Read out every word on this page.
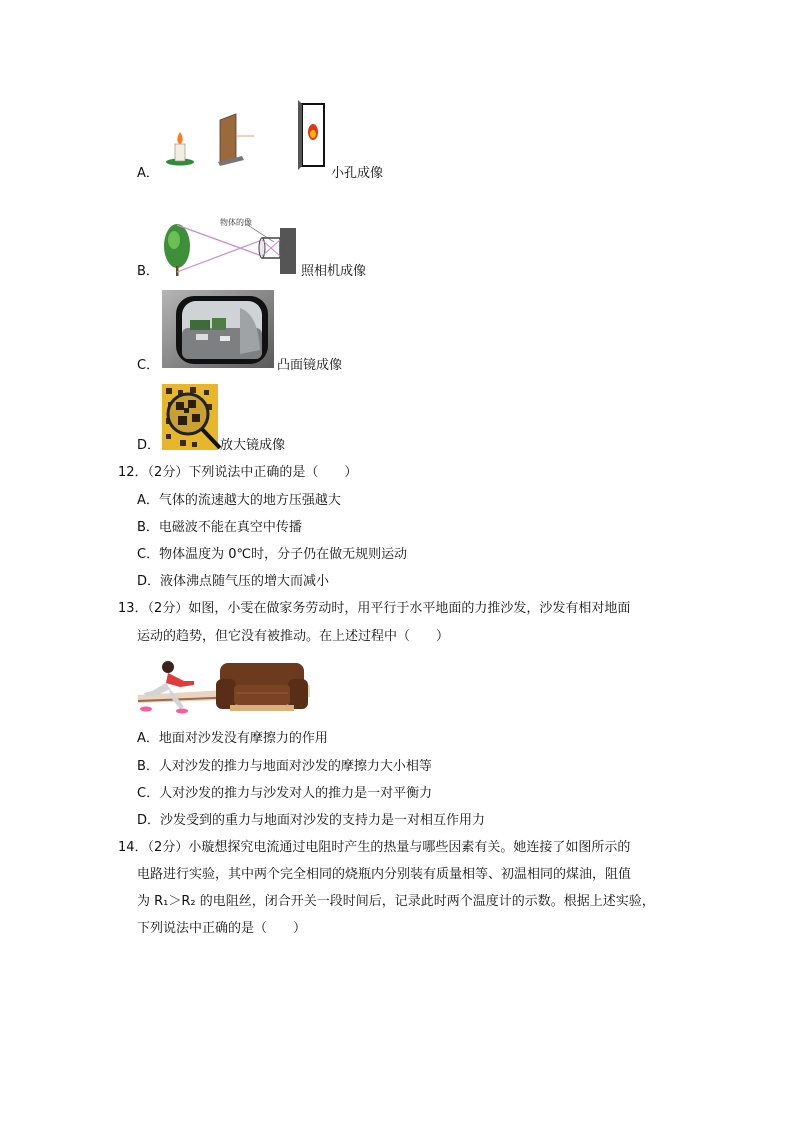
A．	小孔成像
B．
物体的像
照相机成像
C．	凸面镜成像
D．	放大镜成像
12．（2分）下列说法中正确的是（　　）
A．气体的流速越大的地方压强越大
B．电磁波不能在真空中传播
C．物体温度为 0℃时，分子仍在做无规则运动
D．液体沸点随气压的增大而减小
13．（2分）如图，小雯在做家务劳动时，用平行于水平地面的力推沙发，沙发有相对地面
运动的趋势，但它没有被推动。在上述过程中（　　）
A．地面对沙发没有摩擦力的作用
B．人对沙发的推力与地面对沙发的摩擦力大小相等
C．人对沙发的推力与沙发对人的推力是一对平衡力
D．沙发受到的重力与地面对沙发的支持力是一对相互作用力
14．（2分）小璇想探究电流通过电阻时产生的热量与哪些因素有关。她连接了如图所示的
电路进行实验，其中两个完全相同的烧瓶内分别装有质量相等、初温相同的煤油，阻值
为 R₁＞R₂ 的电阻丝，闭合开关一段时间后，记录此时两个温度计的示数。根据上述实验，
下列说法中正确的是（　　）
